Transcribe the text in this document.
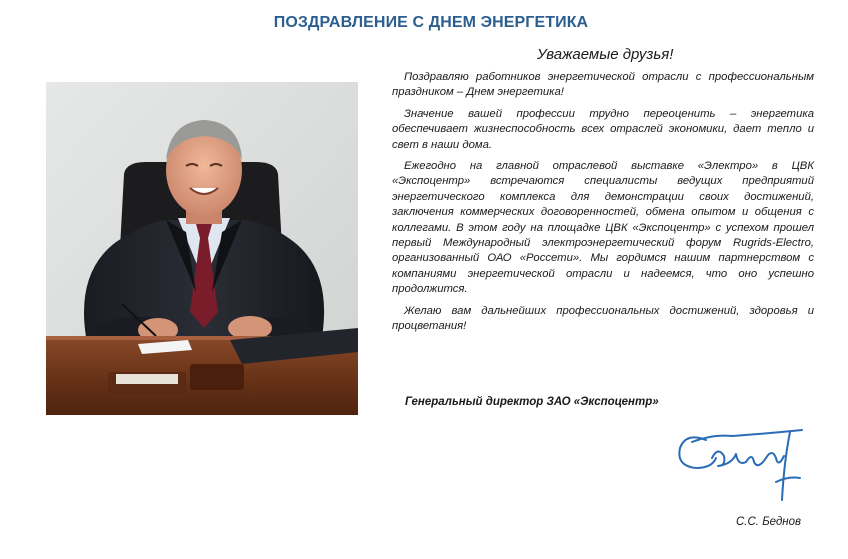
ПОЗДРАВЛЕНИЕ С ДНЕМ ЭНЕРГЕТИКА
Уважаемые друзья!

Поздравляю работников энергетической отрасли с профессиональным праздником – Днем энергетика!

Значение вашей профессии трудно переоценить – энергетика обеспечивает жизнеспособность всех отраслей экономики, дает тепло и свет в наши дома.

Ежегодно на главной отраслевой выставке «Электро» в ЦВК «Экспоцентр» встречаются специалисты ведущих предприятий энергетического комплекса для демонстрации своих достижений, заключения коммерческих договоренностей, обмена опытом и общения с коллегами. В этом году на площадке ЦВК «Экспоцентр» с успехом прошел первый Международный электроэнергетический форум Rugrids-Electro, организованный ОАО «Россети». Мы гордимся нашим партнерством с компаниями энергетической отрасли и надеемся, что оно успешно продолжится.

Желаю вам дальнейших профессиональных достижений, здоровья и процветания!

Генеральный директор ЗАО «Экспоцентр»
С.С. Беднов
